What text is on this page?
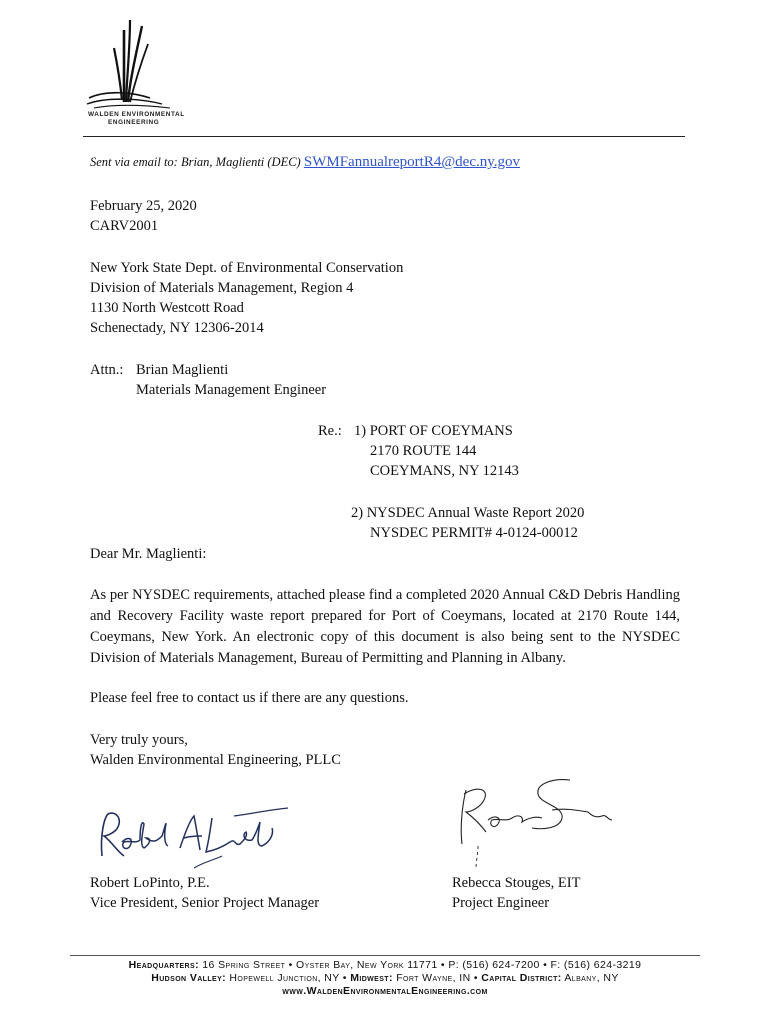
WALDEN ENVIRONMENTAL
ENGINEERING
Sent via email to: Brian, Maglienti (DEC) SWMFannualreportR4@dec.ny.gov
February 25, 2020
CARV2001
New York State Dept. of Environmental Conservation
Division of Materials Management, Region 4
1130 North Westcott Road
Schenectady, NY 12306-2014
Attn.: Brian Maglienti
Materials Management Engineer
Re.: 1) PORT OF COEYMANS
2170 ROUTE 144
COEYMANS, NY 12143
2) NYSDEC Annual Waste Report 2020
NYSDEC PERMIT# 4-0124-00012
Dear Mr. Maglienti:
As per NYSDEC requirements, attached please find a completed 2020 Annual C&D Debris Handling and Recovery Facility waste report prepared for Port of Coeymans, located at 2170 Route 144, Coeymans, New York. An electronic copy of this document is also being sent to the NYSDEC Division of Materials Management, Bureau of Permitting and Planning in Albany.
Please feel free to contact us if there are any questions.
Very truly yours,
Walden Environmental Engineering, PLLC
Robert LoPinto, P.E.
Vice President, Senior Project Manager
Rebecca Stouges, EIT
Project Engineer
Headquarters: 16 Spring Street • Oyster Bay, New York 11771 • P: (516) 624-7200 • F: (516) 624-3219
Hudson Valley: Hopewell Junction, NY • Midwest: Fort Wayne, IN • Capital District: Albany, NY
www.WaldenEnvironmentalEngineering.com
